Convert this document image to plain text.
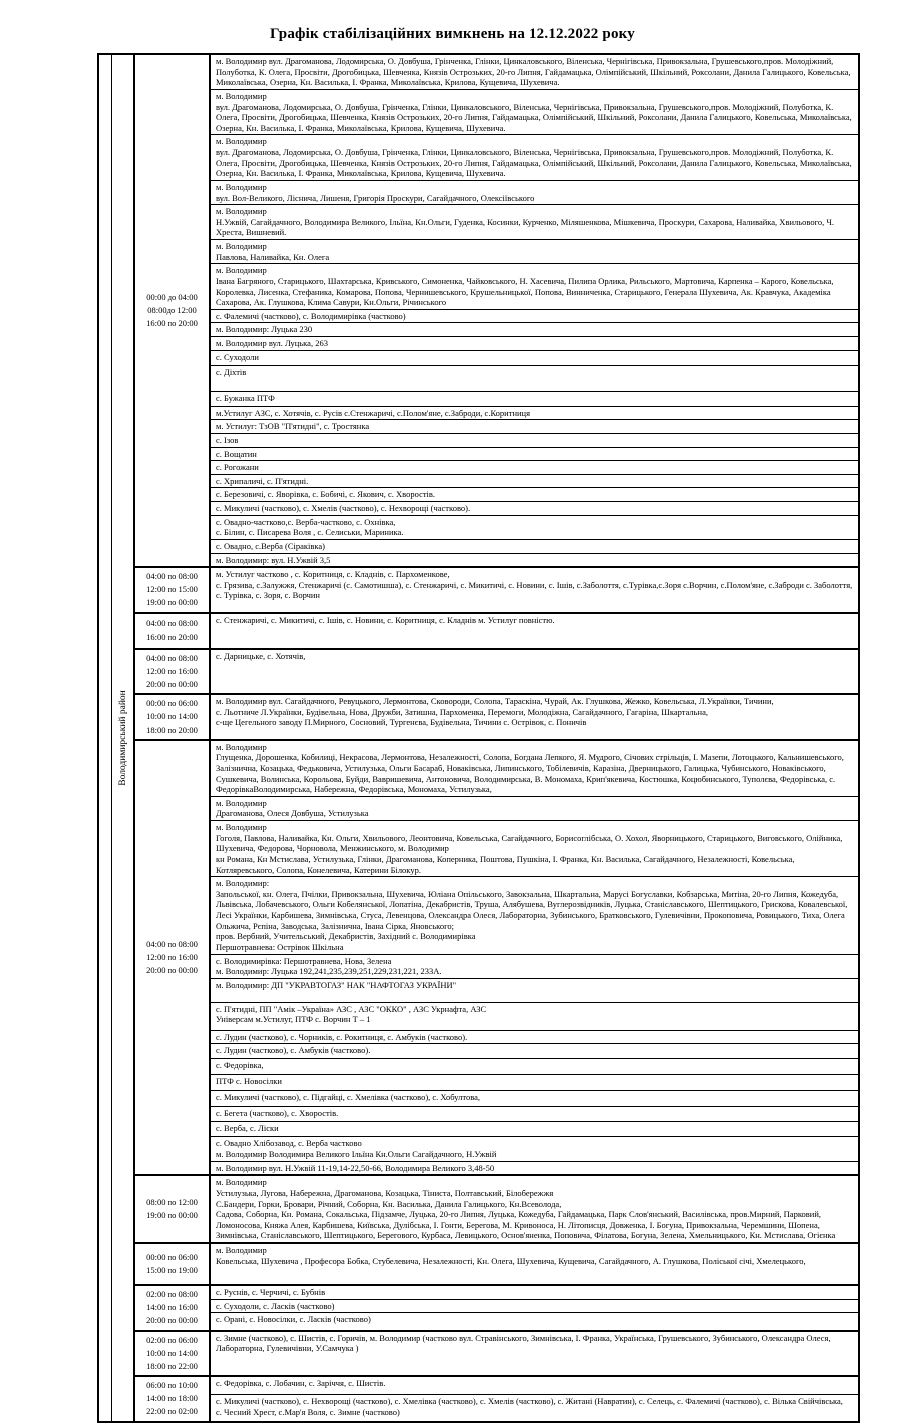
Графік стабілізаційних вимкнень на 12.12.2022 року
Володимирський район
00:00 до 04:00
08:00до 12:00
16:00 по 20:00
м. Володимир вул. Драгоманова, Лодомирська, О. Довбуша, Грінченка, Глінки, Цинкаловського, Віленська, Чернігівська, Привокзальна, Грушевського,пров. Молодіжний, Полуботка, К. Олега, Просвіти, Дрогобицька, Шевченка, Князів Острозьких, 20-го Липня, Гайдамацька, Олімпійський, Шкільний, Роксолани, Данила Галицького, Ковельська, Миколаївська, Озерна, Кн. Василька, І. Франка, Миколаївська, Крилова, Кущевича, Шухевича.
м. Володимир
вул. Драгоманова, Лодомирська, О. Довбуша, Грінченка, Глінки, Цинкаловського, Віленська, Чернігівська, Привокзальна, Грушевського,пров. Молодіжний, Полуботка, К. Олега, Просвіти, Дрогобицька, Шевченка, Князів Острозьких, 20-го Липня, Гайдамацька, Олімпійський, Шкільний, Роксолани, Данила Галицького, Ковельська, Миколаївська, Озерна, Кн. Василька, І. Франка, Миколаївська, Крилова, Кущевича, Шухевича.
м. Володимир
вул. Драгоманова, Лодомирська, О. Довбуша, Грінченка, Глінки, Цинкаловського, Віленська, Чернігівська, Привокзальна, Грушевського,пров. Молодіжний, Полуботка, К. Олега, Просвіти, Дрогобицька, Шевченка, Князів Острозьких, 20-го Липня, Гайдамацька, Олімпійський, Шкільний, Роксолани, Данила Галицького, Ковельська, Миколаївська, Озерна, Кн. Василька, І. Франка, Миколаївська, Крилова, Кущевича, Шухевича.
м. Володимир
вул. Вол-Великого, Ліснича, Лишеня, Григорія Проскури, Сагайдачного, Олексіївського
м. Володимир
Н.Ужвій, Сагайдачного, Володимира Великого, Ільїна, Кн.Ольги, Гуденка, Косинки, Курченко, Міляшенкова, Мішкевича, Проскури, Сахарова, Наливайка, Хвильового, Ч. Хреста, Вишневий.
м. Володимир
Павлова, Наливайка, Кн. Олега
м. Володимир
Івана Багряного, Старицького, Шахтарська, Кривського, Симоненка, Чайковського, Н. Хасевича, Пилипа Орлика, Рильського, Мартовича, Карпенка – Карого, Ковельська, Королевка, Лисенка, Стефаника, Комарова, Попова, Чернишевського, Крушельницької, Попова, Винниченка, Старицького, Генерала Шухевича, Ак. Кравчука, Академіка Сахарова, Ак. Глушкова, Клима Савури, Кн.Ольги, Річинського
с. Фалемичі (частково), с. Володимирівка (частково)
м. Володимир: Луцька 230
м. Володимир вул. Луцька, 263
с. Суходоли
с. Діхтів
с. Бужанка ПТФ
м.Устилуг АЗС, с. Хотячів, с. Русів с.Стенжаричі, с.Полом'яне, с.Заброди, с.Коритниця
м. Устилуг: ТзОВ "П'ятидні", с. Тростянка
с. Ізов
с. Вощатин
с. Рогожани
с. Хрипаличі, с. П'ятидні.
с. Березовичі, с. Яворівка, с. Бобичі, с. Якович, с. Хворостів.
с. Микуличі (частково), с. Хмелів (частково), с. Нехворощі (частково).
с. Овадно-частково,с. Верба-частково, с. Охнівка,
с. Білин, с. Писарева Воля , с. Селиськи, Мариника.
с. Овадно, с.Верба (Сіраківка)
м. Володимир: вул. Н.Ужвій 3,5
04:00 по 08:00
12:00 по 15:00
19:00 по 00:00
м. Устилуг частково , с. Коритниця, с. Кладнів, с. Пархоменкове,
с. Грязива, с.Залужжя, Стенжаричі (с. Самотишша), с. Стенжаричі, с. Микитичі, с. Новини, с. Ішів, с.Заболоття, с.Турівка,с.Зоря с.Ворчин, с.Полом'яне, с.Заброди с. Заболоття, с. Турівка, с. Зоря, с. Ворчин
04:00 по 08:00
16:00 по 20:00
с. Стенжаричі, с. Микитичі, с. Ішів, с. Новини, с. Коритниця, с. Кладнів м. Устилуг повністю.
04:00 по 08:00
12:00 по 16:00
20:00 по 00:00
с. Дарницьке, с. Хотячів,
00:00 по 06:00
10:00 по 14:00
18:00 по 20:00
м. Володимир вул. Сагайдачного, Ревуцького, Лермонтова, Сковороди, Солопа, Тараскіна, Чурай, Ак. Глушкова, Жежко, Ковельська, Л.Українки, Тичини,
с. Льотниче Л.Українки, Будівельна, Нова, Дружби, Затишна, Пархоменка, Перемоги, Молодіжна, Сагайдачного, Гагаріна, Шкартальна,
с-ще Цегельного заводу П.Мирного, Сосновий, Тургенєва, Будівельна, Тичини с. Острівок, с. Поничів
04:00 по 08:00
12:00 по 16:00
20:00 по 00:00
м. Володимир
Глущенка, Дорошенка, Кобилиці, Некрасова, Лермонтова, Незалежності, Солопа, Богдана Лепкого, Я. Мудрого, Січових стрільців, І. Мазепи, Лотоцького, Кальнишевського, Залізнична, Козацька, Федьковича, Устилузька, Ольги Басараб, Новаківська, Липинського, Тобілевичів, Каразіна, Дверницького, Галицька, Чубинського, Новаківського, Сушкевича, Волинська, Корольова, Буйди, Вавришевича, Антоновича, Володимирська, В. Мономаха, Крип'якевича, Костюшка, Коцюбинського, Туполєва, Федорівська, с. ФедорівкаВолодимирська, Набережна, Федорівська, Мономаха, Устилузька,
м. Володимир
Драгоманова, Олеся Довбуша, Устилузька
м. Володимир
Гоголя, Павлова, Наливайка, Кн. Ольги, Хвильового, Леонтовича, Ковельська, Сагайдачного, Борисоглібська, О. Хохол, Яворницького, Старицького, Виговського, Олійника, Шухевича, Федорова, Чорновола, Менжинського, м. Володимир
кн Романа, Кн Мстислава, Устилузька, Глінки, Драгоманова, Коперника, Поштова, Пушкіна, І. Франка, Кн. Василька, Сагайдачного, Незалежності, Ковельська,
Котляревського, Солопа, Конелевича, Катерини Білокур.
м. Володимир:
Запольської, кн. Олега, Пчілки, Привокзальна, Шухевича, Юліана Опільського, Завокзальна, Шкартальна, Марусі Богуславки, Кобзарська, Митіна, 20-го Липня, Кожедуба, Львівська, Лобачевського, Ольги Кобелянської, Лопатіна, Декабристів, Труша, Алябушева, Вуглерозвідників, Луцька, Станіславського, Шептицького, Грискова, Ковалевської, Лесі Українки, Карбишева, Зимнівська, Стуса, Левенцова, Олександра Олеся, Лабораторна, Зубинського, Братковського, Гулевичівни, Прокоповича, Ровицького, Тиха, Олега Ольжича, Рєпіна, Заводська, Залізнична, Івана Сірка, Яновського;
пров. Вербний, Учительський, Декабристів, Західний с. Володимирівка
Першотравнева: Острівок Шкільна
с. Володимирівка: Першотравнева, Нова, Зелена
м. Володимир: Луцька 192,241,235,239,251,229,231,221, 233А.
м. Володимир: ДП "УКРАВТОГАЗ" НАК "НАФТОГАЗ УКРАЇНИ"
с. П'ятидні, ПП "Амік –Україна» АЗС , АЗС "ОККО" , АЗС Укрнафта, АЗС
Універсам м.Устилуг, ПТФ с. Ворчин Т – 1
с. Лудин (частково), с. Чорників, с. Рокитниця, с. Амбуків (частково).
с. Лудин (частково), с. Амбуків (частково).
с. Федорівка,
ПТФ с. Новосілки
с. Микуличі (частково), с. Підгайці, с. Хмелівка (частково), с. Хобултова,
с. Бегета (частково), с. Хворостів.
с. Верба, с. Ліски
с. Овадно Хлібозавод, с. Верба частково
м. Володимир Володимира Великого Ільїна Кн.Ольги Сагайдачного, Н.Ужвій
м. Володимир вул. Н.Ужвій 11-19,14-22,50-66, Володимира Великого 3,48-50
08:00 по 12:00
19:00 по 00:00
м. Володимир
Устилузька, Лугова, Набережна, Драгоманова, Козацька, Тіниста, Полтавський, Білобережжя
С.Бандери, Горки, Бровари, Річний, Соборна, Кн. Василька, Данила Галицького, Кн.Всеволода,
Садова, Соборна, Кн. Романа, Сокальська, Підзамче, Луцька, 20-го Липня, Луцька, Кожедуба, Гайдамацька, Парк Слов'янський, Василівська, пров.Мирний, Парковий,
Ломоносова, Княжа Алея, Карбишева, Київська, Дулібська, І. Гонти, Берегова, М. Кривоноса, Н. Літописця, Довженка, І. Богуна, Привокзальна, Черемшини, Шопена,
Зимнівська, Станіславського, Шептицького, Берегового, Курбаса, Левицького, Основ'яненка, Поповича, Філатова, Богуна, Зелена, Хмельницького, Кн. Мстислава, Огієнка
00:00 по 06:00
15:00 по 19:00
м. Володимир
Ковельська, Шухевича , Професора Бобка, Стубелевича, Незалежності, Кн. Олега, Шухевича, Кущевича, Сагайдачного, А. Глушкова, Поліської січі, Хмелецького,
02:00 по 08:00
14:00 по 16:00
20:00 по 00:00
с. Руснів, с. Черчичі, с. Бубнів
с. Суходоли, с. Ласків (частково)
с. Орані, с. Новосілки, с. Ласків (частково)
02:00 по 06:00
10:00 по 14:00
18:00 по 22:00
с. Зимне (частково), с. Шистів, с. Горичів, м. Володимир (частково вул. Стравінського, Зимнівська, І. Франка, Українська, Грушевського, Зубинського, Олександра Олеся,
Лабораторна, Гулевичівни, У.Самчука )
06:00 по 10:00
14:00 по 18:00
22:00 по 02:00
с. Федорівка, с. Лобачин, с. Заріччя, с. Шистів.
с. Микуличі (частково), с. Нехворощі (частково), с. Хмелівка (частково), с. Хмелів (частково), с. Житані (Навратин), с. Селець, с. Фалемичі (частково), с. Вілька Свійчівська,
с. Чесний Хрест, с.Мар'я Воля, с. Зимне (частково)
